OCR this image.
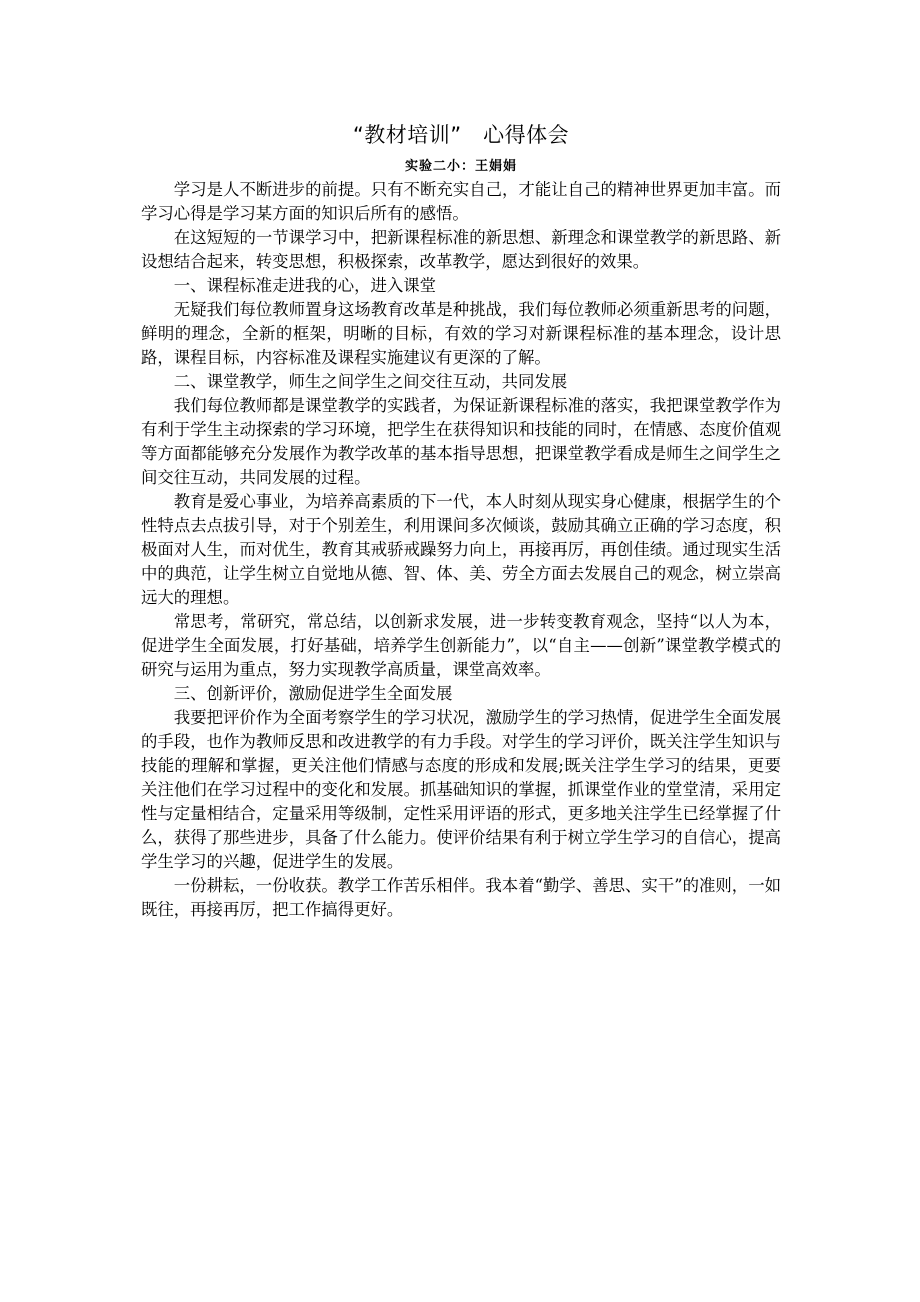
“教材培训”　心得体会
实验二小：王娟娟

学习是人不断进步的前提。只有不断充实自己，才能让自己的精神世界更加丰富。而学习心得是学习某方面的知识后所有的感悟。

在这短短的一节课学习中，把新课程标准的新思想、新理念和课堂教学的新思路、新设想结合起来，转变思想，积极探索，改革教学，愿达到很好的效果。

一、课程标准走进我的心，进入课堂

无疑我们每位教师置身这场教育改革是种挑战，我们每位教师必须重新思考的问题，鲜明的理念，全新的框架，明晰的目标，有效的学习对新课程标准的基本理念，设计思路，课程目标，内容标准及课程实施建议有更深的了解。

二、课堂教学，师生之间学生之间交往互动，共同发展

我们每位教师都是课堂教学的实践者，为保证新课程标准的落实，我把课堂教学作为有利于学生主动探索的学习环境，把学生在获得知识和技能的同时，在情感、态度价值观等方面都能够充分发展作为教学改革的基本指导思想，把课堂教学看成是师生之间学生之间交往互动，共同发展的过程。

教育是爱心事业，为培养高素质的下一代，本人时刻从现实身心健康，根据学生的个性特点去点拔引导，对于个别差生，利用课间多次倾谈，鼓励其确立正确的学习态度，积极面对人生，而对优生，教育其戒骄戒躁努力向上，再接再厉，再创佳绩。通过现实生活中的典范，让学生树立自觉地从德、智、体、美、劳全方面去发展自己的观念，树立崇高远大的理想。

常思考，常研究，常总结，以创新求发展，进一步转变教育观念，坚持“以人为本，促进学生全面发展，打好基础，培养学生创新能力”，以“自主——创新”课堂教学模式的研究与运用为重点，努力实现教学高质量，课堂高效率。

三、创新评价，激励促进学生全面发展

我要把评价作为全面考察学生的学习状况，激励学生的学习热情，促进学生全面发展的手段，也作为教师反思和改进教学的有力手段。对学生的学习评价，既关注学生知识与技能的理解和掌握，更关注他们情感与态度的形成和发展;既关注学生学习的结果，更要关注他们在学习过程中的变化和发展。抓基础知识的掌握，抓课堂作业的堂堂清，采用定性与定量相结合，定量采用等级制，定性采用评语的形式，更多地关注学生已经掌握了什么，获得了那些进步，具备了什么能力。使评价结果有利于树立学生学习的自信心，提高学生学习的兴趣，促进学生的发展。

一份耕耘，一份收获。教学工作苦乐相伴。我本着“勤学、善思、实干”的准则，一如既往，再接再厉，把工作搞得更好。
